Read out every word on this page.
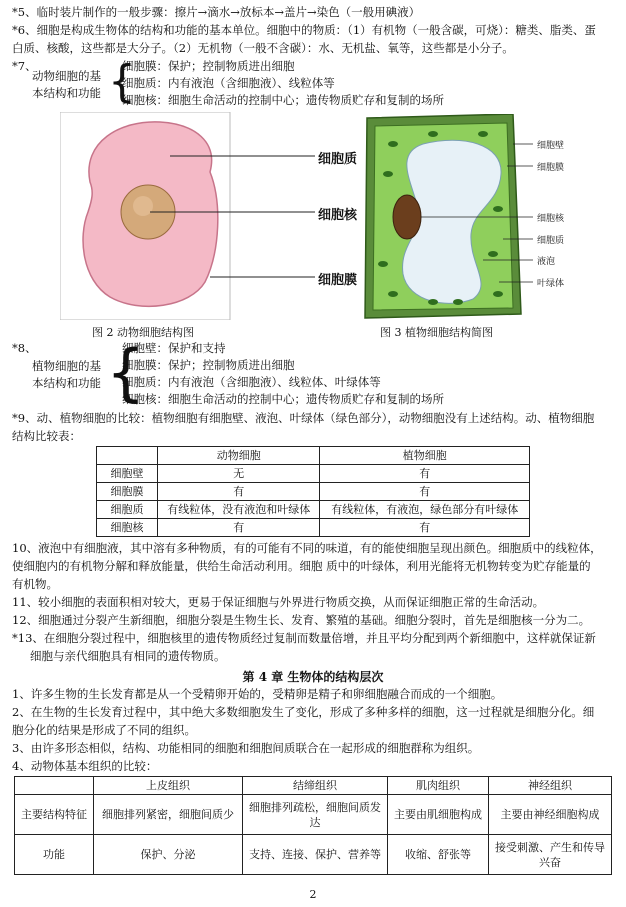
*5、临时装片制作的一般步骤：擦片→滴水→放标本→盖片→染色（一般用碘液）
*6、细胞是构成生物体的结构和功能的基本单位。细胞中的物质：（1）有机物（一般含碳，可烧）：糖类、脂类、蛋
白质、核酸，这些都是大分子。（2）无机物（一般不含碳）：水、无机盐、氧等，这些都是小分子。
*7、
动物细胞的基
本结构和功能 {
细胞膜：保护；控制物质进出细胞
细胞质：内有液泡（含细胞液）、线粒体等
细胞核：细胞生命活动的控制中心；遗传物质贮存和复制的场所
细胞质
细胞核
细胞膜
图 2 动物细胞结构图
细胞壁
细胞膜
细胞核
细胞质
液泡
叶绿体
图 3 植物细胞结构简图
*8、
植物细胞的基
本结构和功能 {
细胞壁：保护和支持
细胞膜：保护；控制物质进出细胞
细胞质：内有液泡（含细胞液）、线粒体、叶绿体等
细胞核：细胞生命活动的控制中心；遗传物质贮存和复制的场所
*9、动、植物细胞的比较：植物细胞有细胞壁、液泡、叶绿体（绿色部分），动物细胞没有上述结构。动、植物细胞
结构比较表：
	动物细胞	植物细胞
细胞壁	无	有
细胞膜	有	有
细胞质	有线粒体，没有液泡和叶绿体	有线粒体，有液泡，绿色部分有叶绿体
细胞核	有	有
10、液泡中有细胞液，其中溶有多种物质，有的可能有不同的味道，有的能使细胞呈现出颜色。细胞质中的线粒体，
使细胞内的有机物分解和释放能量，供给生命活动利用。细胞 质中的叶绿体，利用光能将无机物转变为贮存能量的
有机物。
11、较小细胞的表面积相对较大，更易于保证细胞与外界进行物质交换，从而保证细胞正常的生命活动。
12、细胞通过分裂产生新细胞，细胞分裂是生物生长、发育、繁殖的基础。细胞分裂时，首先是细胞核一分为二。
*13、在细胞分裂过程中，细胞核里的遗传物质经过复制而数量倍增，并且平均分配到两个新细胞中，这样就保证新
细胞与亲代细胞具有相同的遗传物质。
第 4 章 生物体的结构层次
1、许多生物的生长发育都是从一个受精卵开始的，受精卵是精子和卵细胞融合而成的一个细胞。
2、在生物的生长发育过程中，其中绝大多数细胞发生了变化，形成了多种多样的细胞，这一过程就是细胞分化。细
胞分化的结果是形成了不同的组织。
3、由许多形态相似，结构、功能相同的细胞和细胞间质联合在一起形成的细胞群称为组织。
4、动物体基本组织的比较：
	上皮组织	结缔组织	肌肉组织	神经组织
主要结构特征	细胞排列紧密，细胞间质少	细胞排列疏松，细胞间质发达	主要由肌细胞构成	主要由神经细胞构成
功能	保护、分泌	支持、连接、保护、营养等	收缩、舒张等	接受刺激、产生和传导兴奋
2
